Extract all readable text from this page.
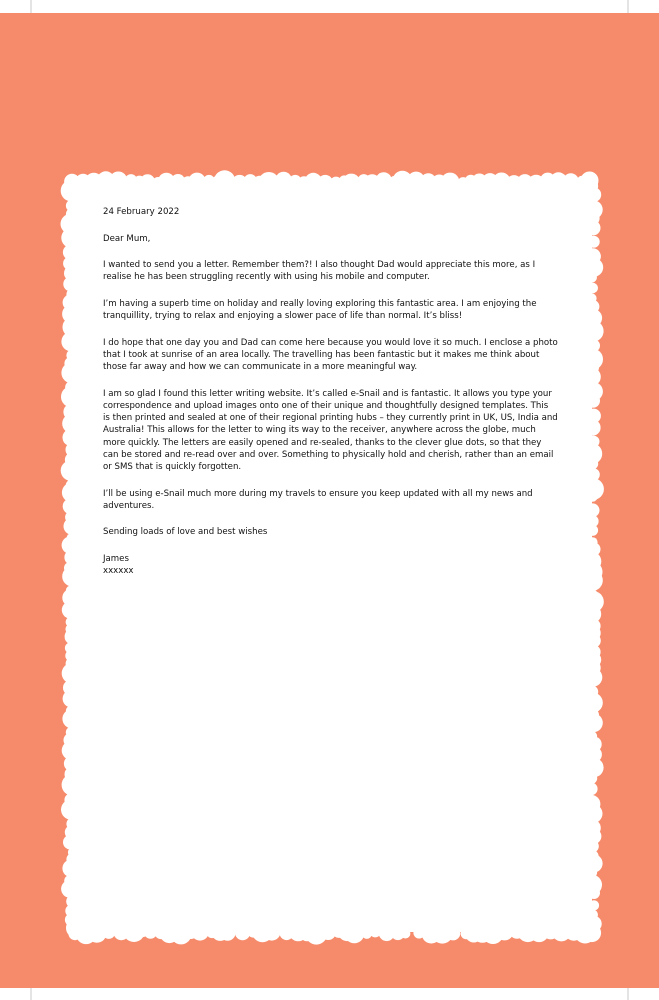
24 February 2022

Dear Mum,

I wanted to send you a letter. Remember them?! I also thought Dad would appreciate this more, as I
realise he has been struggling recently with using his mobile and computer.

I’m having a superb time on holiday and really loving exploring this fantastic area. I am enjoying the
tranquillity, trying to relax and enjoying a slower pace of life than normal. It’s bliss!

I do hope that one day you and Dad can come here because you would love it so much. I enclose a photo
that I took at sunrise of an area locally. The travelling has been fantastic but it makes me think about
those far away and how we can communicate in a more meaningful way.

I am so glad I found this letter writing website. It’s called e-Snail and is fantastic. It allows you type your
correspondence and upload images onto one of their unique and thoughtfully designed templates. This
is then printed and sealed at one of their regional printing hubs – they currently print in UK, US, India and
Australia! This allows for the letter to wing its way to the receiver, anywhere across the globe, much
more quickly. The letters are easily opened and re-sealed, thanks to the clever glue dots, so that they
can be stored and re-read over and over. Something to physically hold and cherish, rather than an email
or SMS that is quickly forgotten.

I’ll be using e-Snail much more during my travels to ensure you keep updated with all my news and
adventures.

Sending loads of love and best wishes

James

xxxxxx
